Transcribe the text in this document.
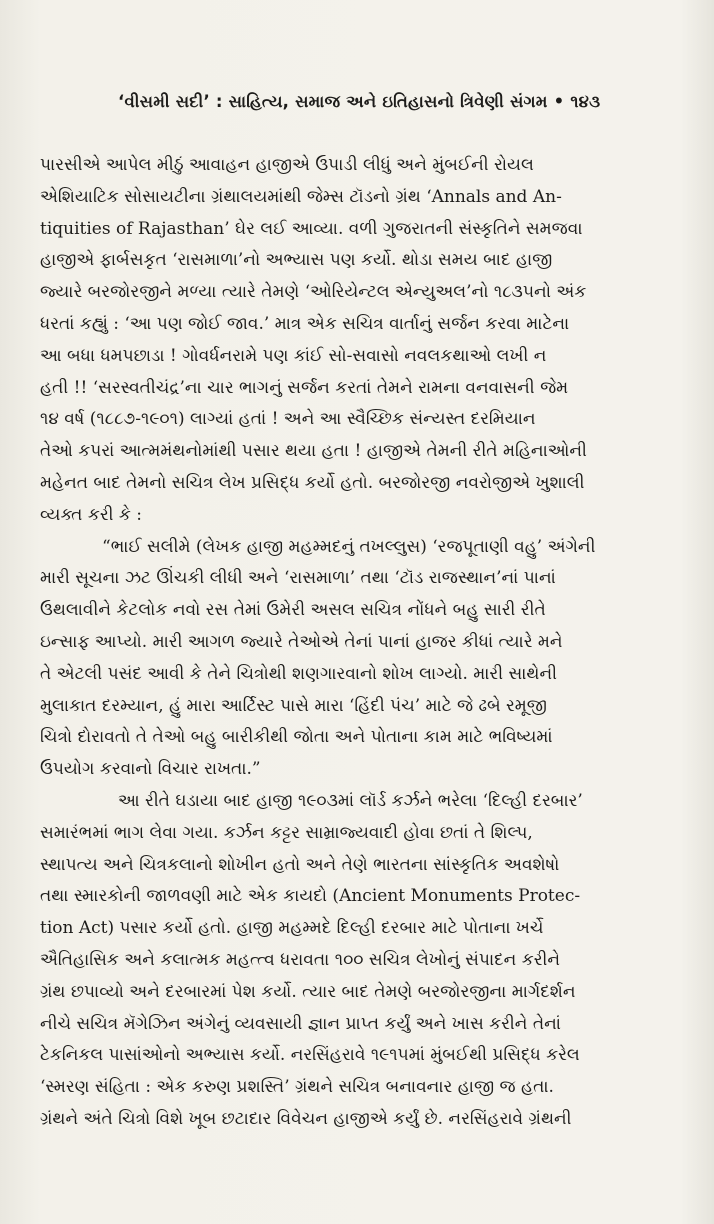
‘વીસમી સદી’ : સાહિત્ય, સમાજ અને ઇતિહાસનો ત્રિવેણી સંગમ • ૧૪૩
પારસીએ આપેલ મીઠું આવાહન હાજીએ ઉપાડી લીધું અને મુંબઈની રોયલ
એશિયાટિક સોસાયટીના ગ્રંથાલયમાંથી જેમ્સ ટૉડનો ગ્રંથ ‘Annals and An-
tiquities of Rajasthan’ ઘેર લઈ આવ્યા. વળી ગુજરાતની સંસ્કૃતિને સમજવા
હાજીએ ફાર્બસકૃત ‘રાસમાળા’નો અભ્યાસ પણ કર્યો. થોડા સમય બાદ હાજી
જ્યારે બરજોરજીને મળ્યા ત્યારે તેમણે ‘ઓરિયેન્ટલ એન્યુઅલ’નો ૧૮૩૫નો અંક
ધરતાં કહ્યું : ‘આ પણ જોઈ જાવ.’ માત્ર એક સચિત્ર વાર્તાનું સર્જન કરવા માટેના
આ બધા ધમપછાડા ! ગોવર્ધનરામે પણ કાંઈ સો-સવાસો નવલકથાઓ લખી ન
હતી !! ‘સરસ્વતીચંદ્ર’ના ચાર ભાગનું સર્જન કરતાં તેમને રામના વનવાસની જેમ
૧૪ વર્ષ (૧૮૮૭-૧૯૦૧) લાગ્યાં હતાં ! અને આ સ્વૈચ્છિક સંન્યસ્ત દરમિયાન
તેઓ કપરાં આત્મમંથનોમાંથી પસાર થયા હતા ! હાજીએ તેમની રીતે મહિનાઓની
મહેનત બાદ તેમનો સચિત્ર લેખ પ્રસિદ્ધ કર્યો હતો. બરજોરજી નવરોજીએ ખુશાલી
વ્યક્ત કરી કે :
“ભાઈ સલીમે (લેખક હાજી મહમ્મદનું તખલ્લુસ) ‘રજપૂતાણી વહુ’ અંગેની
મારી સૂચના ઝટ ઊંચકી લીધી અને ‘રાસમાળા’ તથા ‘ટૉડ રાજસ્થાન’નાં પાનાં
ઉથલાવીને કેટલોક નવો રસ તેમાં ઉમેરી અસલ સચિત્ર નોંધને બહુ સારી રીતે
ઇન્સાફ આપ્યો. મારી આગળ જ્યારે તેઓએ તેનાં પાનાં હાજર કીધાં ત્યારે મને
તે એટલી પસંદ આવી કે તેને ચિત્રોથી શણગારવાનો શોખ લાગ્યો. મારી સાથેની
મુલાકાત દરમ્યાન, હું મારા આર્ટિસ્ટ પાસે મારા ‘હિંદી પંચ’ માટે જે ઢબે રમૂજી
ચિત્રો દોરાવતો તે તેઓ બહુ બારીકીથી જોતા અને પોતાના કામ માટે ભવિષ્યમાં
ઉપયોગ કરવાનો વિચાર રાખતા.”
આ રીતે ઘડાયા બાદ હાજી ૧૯૦૩માં લૉર્ડ કર્ઝને ભરેલા ‘દિલ્હી દરબાર’
સમારંભમાં ભાગ લેવા ગયા. કર્ઝન કટ્ટર સામ્રાજ્યવાદી હોવા છતાં તે શિલ્પ,
સ્થાપત્ય અને ચિત્રકલાનો શોખીન હતો અને તેણે ભારતના સાંસ્કૃતિક અવશેષો
તથા સ્મારકોની જાળવણી માટે એક કાયદો (Ancient Monuments Protec-
tion Act) પસાર કર્યો હતો. હાજી મહમ્મદે દિલ્હી દરબાર માટે પોતાના ખર્ચે
ઐતિહાસિક અને કલાત્મક મહત્ત્વ ધરાવતા ૧૦૦ સચિત્ર લેખોનું સંપાદન કરીને
ગ્રંથ છપાવ્યો અને દરબારમાં પેશ કર્યો. ત્યાર બાદ તેમણે બરજોરજીના માર્ગદર્શન
નીચે સચિત્ર મૅગેઝિન અંગેનું વ્યવસાયી જ્ઞાન પ્રાપ્ત કર્યું અને ખાસ કરીને તેનાં
ટેકનિકલ પાસાંઓનો અભ્યાસ કર્યો. નરસિંહરાવે ૧૯૧૫માં મુંબઈથી પ્રસિદ્ધ કરેલ
‘સ્મરણ સંહિતા : એક કરુણ પ્રશસ્તિ’ ગ્રંથને સચિત્ર બનાવનાર હાજી જ હતા.
ગ્રંથને અંતે ચિત્રો વિશે ખૂબ છટાદાર વિવેચન હાજીએ કર્યું છે. નરસિંહરાવે ગ્રંથની
